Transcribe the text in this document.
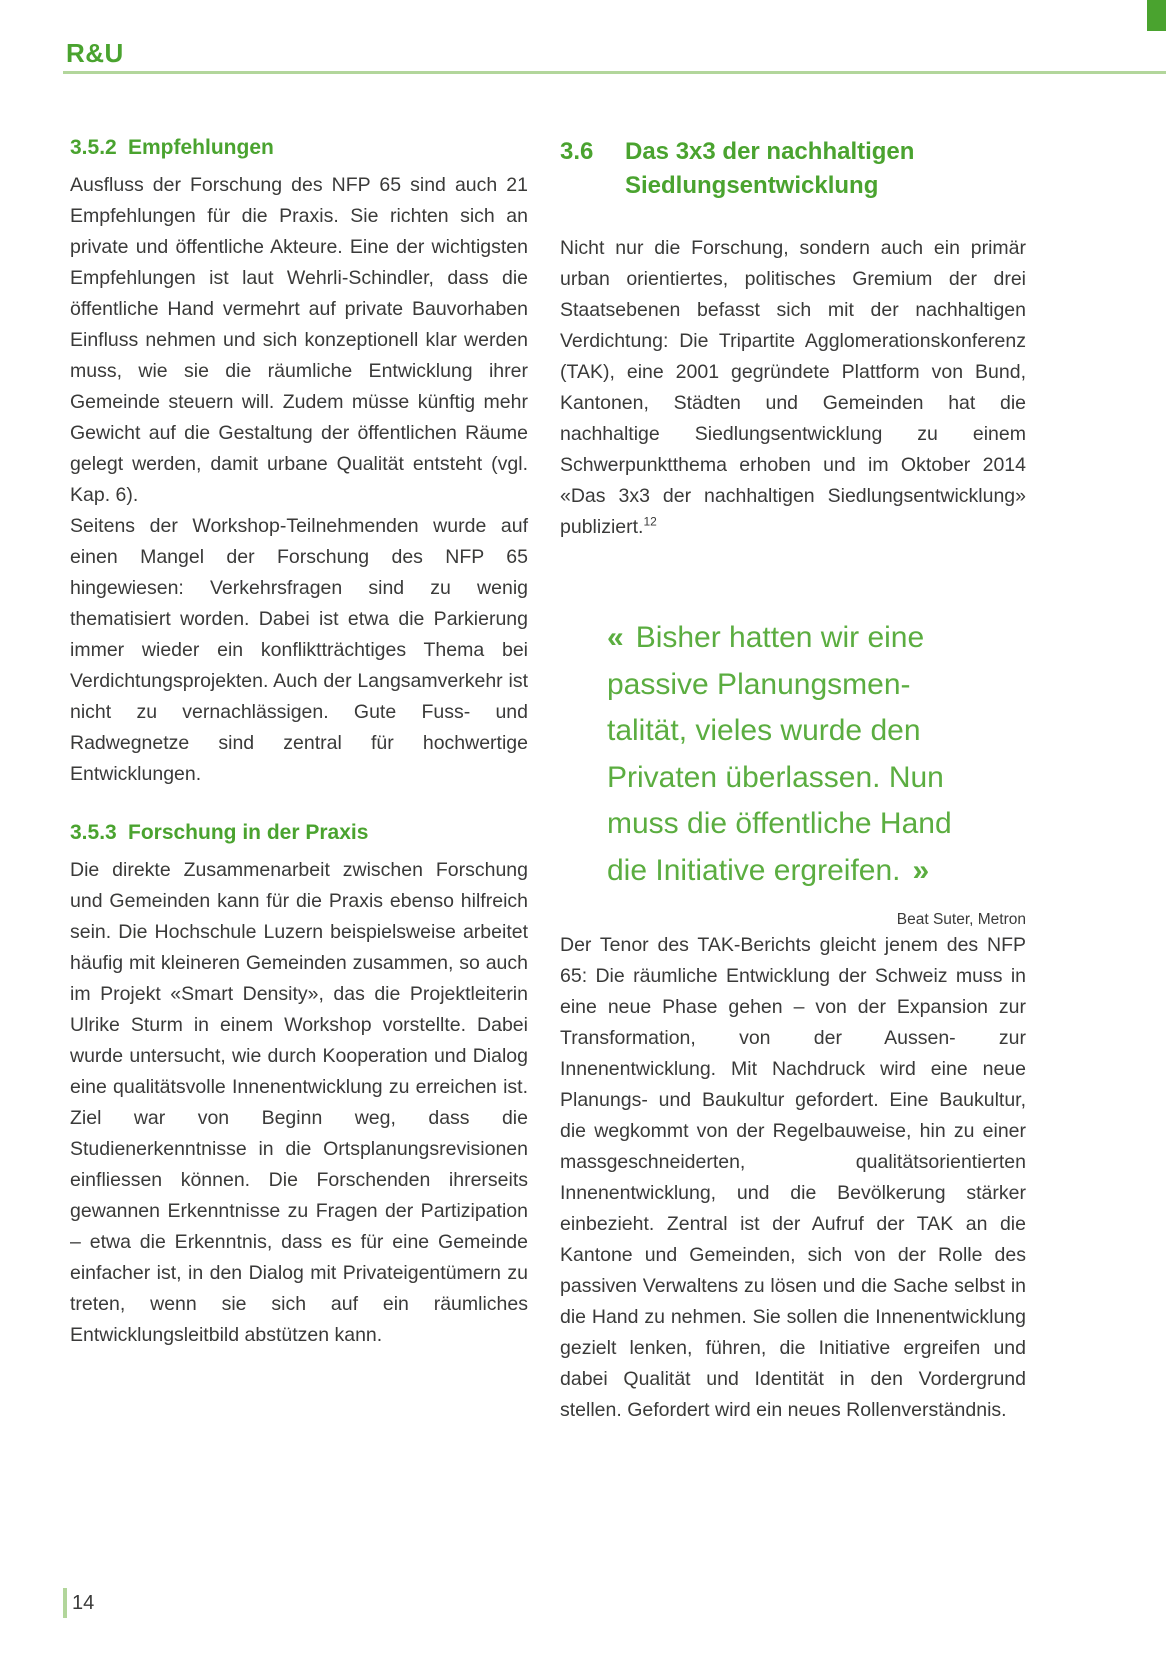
R&U
3.5.2 Empfehlungen

Ausfluss der Forschung des NFP 65 sind auch 21 Empfehlungen für die Praxis. Sie richten sich an private und öffentliche Akteure. Eine der wichtigsten Empfehlungen ist laut Wehrli-Schindler, dass die öffentliche Hand vermehrt auf private Bauvorhaben Einfluss nehmen und sich konzeptionell klar werden muss, wie sie die räumliche Entwicklung ihrer Gemeinde steuern will. Zudem müsse künftig mehr Gewicht auf die Gestaltung der öffentlichen Räume gelegt werden, damit urbane Qualität entsteht (vgl. Kap. 6).

Seitens der Workshop-Teilnehmenden wurde auf einen Mangel der Forschung des NFP 65 hingewiesen: Verkehrsfragen sind zu wenig thematisiert worden. Dabei ist etwa die Parkierung immer wieder ein konfliktträchtiges Thema bei Verdichtungsprojekten. Auch der Langsamverkehr ist nicht zu vernachlässigen. Gute Fuss- und Radwegnetze sind zentral für hochwertige Entwicklungen.

3.5.3 Forschung in der Praxis

Die direkte Zusammenarbeit zwischen Forschung und Gemeinden kann für die Praxis ebenso hilfreich sein. Die Hochschule Luzern beispielsweise arbeitet häufig mit kleineren Gemeinden zusammen, so auch im Projekt «Smart Density», das die Projektleiterin Ulrike Sturm in einem Workshop vorstellte. Dabei wurde untersucht, wie durch Kooperation und Dialog eine qualitätsvolle Innenentwicklung zu erreichen ist. Ziel war von Beginn weg, dass die Studienerkenntnisse in die Ortsplanungsrevisionen einfliessen können. Die Forschenden ihrerseits gewannen Erkenntnisse zu Fragen der Partizipation – etwa die Erkenntnis, dass es für eine Gemeinde einfacher ist, in den Dialog mit Privateigentümern zu treten, wenn sie sich auf ein räumliches Entwicklungsleitbild abstützen kann.

3.6	Das 3x3 der nachhaltigen
Siedlungsentwicklung

Nicht nur die Forschung, sondern auch ein primär urban orientiertes, politisches Gremium der drei Staatsebenen befasst sich mit der nachhaltigen Verdichtung: Die Tripartite Agglomerationskonferenz (TAK), eine 2001 gegründete Plattform von Bund, Kantonen, Städten und Gemeinden hat die nachhaltige Siedlungsentwicklung zu einem Schwerpunktthema erhoben und im Oktober 2014 «Das 3x3 der nachhaltigen Siedlungsentwicklung» publiziert.$^{12}$

« Bisher hatten wir eine
passive Planungsmen-
talität, vieles wurde den
Privaten überlassen. Nun
muss die öffentliche Hand
die Initiative ergreifen. »
Beat Suter, Metron

Der Tenor des TAK-Berichts gleicht jenem des NFP 65: Die räumliche Entwicklung der Schweiz muss in eine neue Phase gehen – von der Expansion zur Transformation, von der Aussen- zur Innenentwicklung. Mit Nachdruck wird eine neue Planungs- und Baukultur gefordert. Eine Baukultur, die wegkommt von der Regelbauweise, hin zu einer massgeschneiderten, qualitätsorientierten Innenentwicklung, und die Bevölkerung stärker einbezieht. Zentral ist der Aufruf der TAK an die Kantone und Gemeinden, sich von der Rolle des passiven Verwaltens zu lösen und die Sache selbst in die Hand zu nehmen. Sie sollen die Innenentwicklung gezielt lenken, führen, die Initiative ergreifen und dabei Qualität und Identität in den Vordergrund stellen. Gefordert wird ein neues Rollenverständnis.

14
